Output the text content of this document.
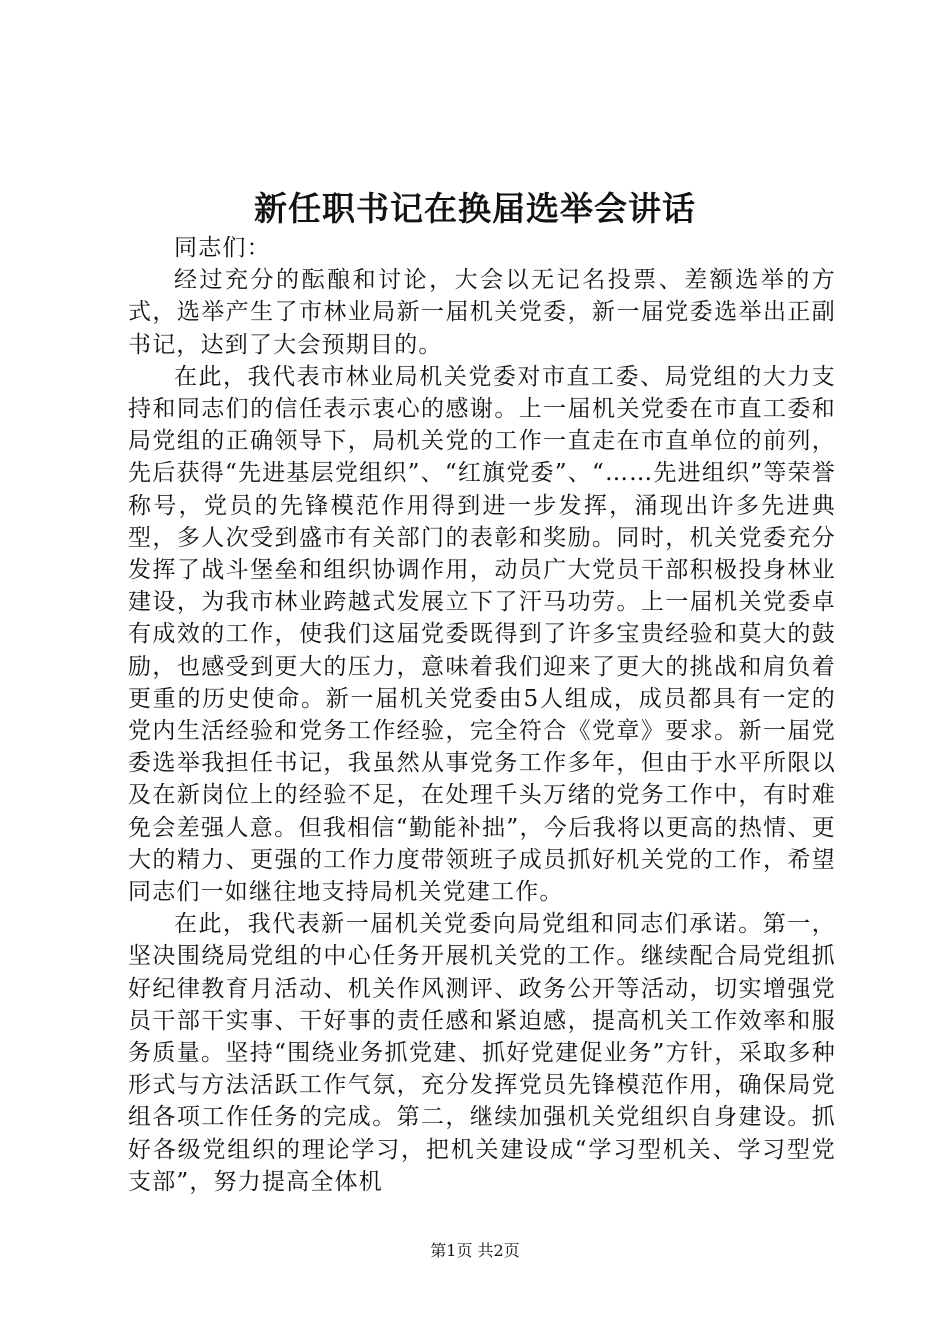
新任职书记在换届选举会讲话

同志们：

经过充分的酝酿和讨论，大会以无记名投票、差额选举的方式，选举产生了市林业局新一届机关党委，新一届党委选举出正副书记，达到了大会预期目的。

在此，我代表市林业局机关党委对市直工委、局党组的大力支持和同志们的信任表示衷心的感谢。上一届机关党委在市直工委和局党组的正确领导下，局机关党的工作一直走在市直单位的前列，先后获得“先进基层党组织”、“红旗党委”、“……先进组织”等荣誉称号，党员的先锋模范作用得到进一步发挥，涌现出许多先进典型，多人次受到盛市有关部门的表彰和奖励。同时，机关党委充分发挥了战斗堡垒和组织协调作用，动员广大党员干部积极投身林业建设，为我市林业跨越式发展立下了汗马功劳。上一届机关党委卓有成效的工作，使我们这届党委既得到了许多宝贵经验和莫大的鼓励，也感受到更大的压力，意味着我们迎来了更大的挑战和肩负着更重的历史使命。新一届机关党委由5人组成，成员都具有一定的党内生活经验和党务工作经验，完全符合《党章》要求。新一届党委选举我担任书记，我虽然从事党务工作多年，但由于水平所限以及在新岗位上的经验不足，在处理千头万绪的党务工作中，有时难免会差强人意。但我相信“勤能补拙”，今后我将以更高的热情、更大的精力、更强的工作力度带领班子成员抓好机关党的工作，希望同志们一如继往地支持局机关党建工作。

在此，我代表新一届机关党委向局党组和同志们承诺。第一，坚决围绕局党组的中心任务开展机关党的工作。继续配合局党组抓好纪律教育月活动、机关作风测评、政务公开等活动，切实增强党员干部干实事、干好事的责任感和紧迫感，提高机关工作效率和服务质量。坚持“围绕业务抓党建、抓好党建促业务”方针，采取多种形式与方法活跃工作气氛，充分发挥党员先锋模范作用，确保局党组各项工作任务的完成。第二，继续加强机关党组织自身建设。抓好各级党组织的理论学习，把机关建设成“学习型机关、学习型党支部”，努力提高全体机

第1页 共2页
